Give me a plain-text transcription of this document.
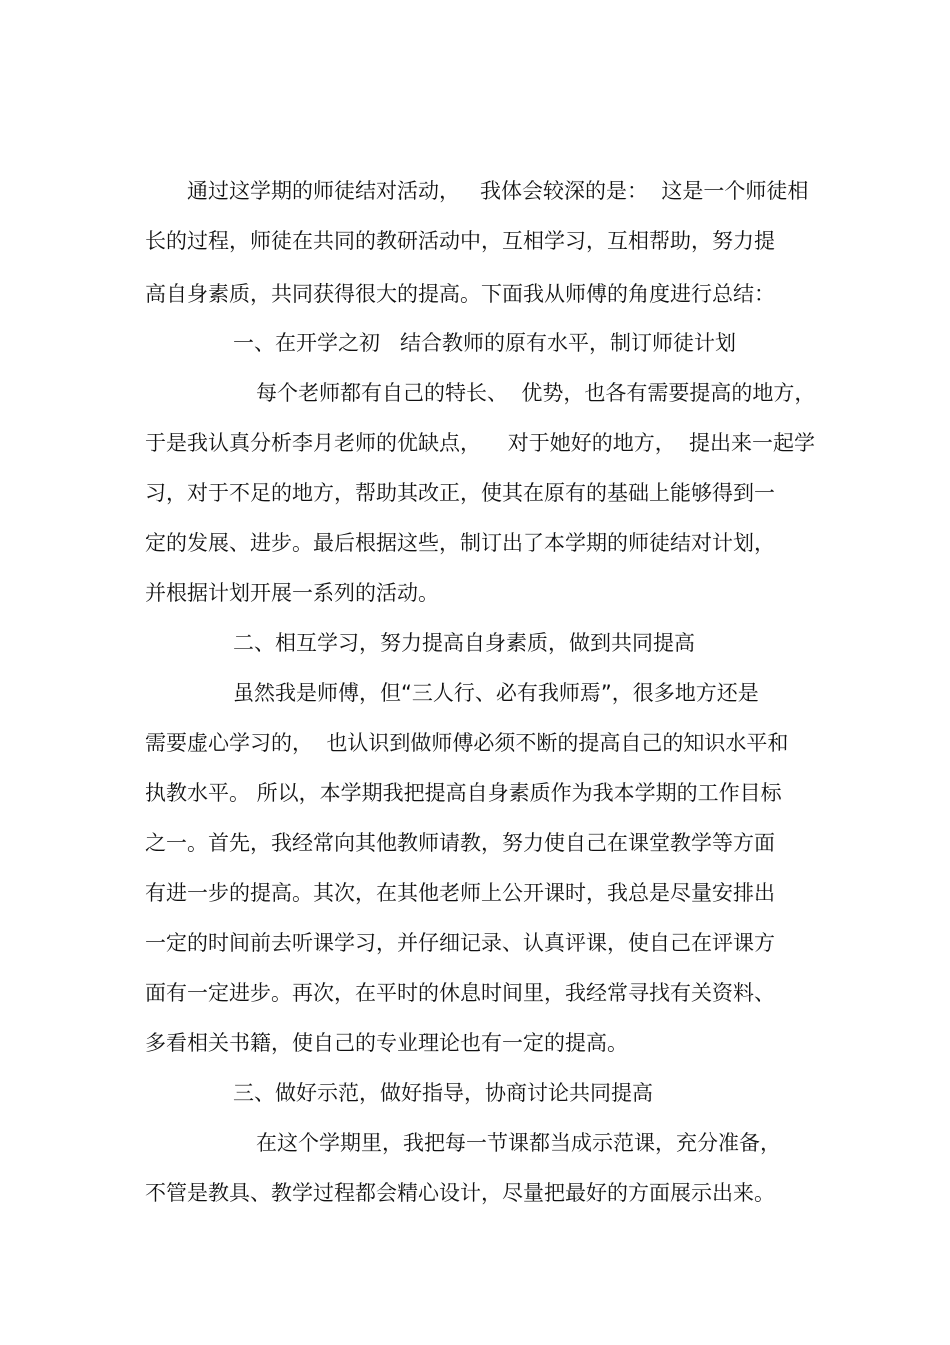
通过这学期的师徒结对活动，   我体会较深的是：  这是一个师徒相

长的过程，师徒在共同的教研活动中，互相学习，互相帮助，努力提

高自身素质，共同获得很大的提高。下面我从师傅的角度进行总结：

一、在开学之初   结合教师的原有水平，制订师徒计划

每个老师都有自己的特长、  优势，也各有需要提高的地方，

于是我认真分析李月老师的优缺点，    对于她好的地方，  提出来一起学

习，对于不足的地方，帮助其改正，使其在原有的基础上能够得到一

定的发展、进步。最后根据这些，制订出了本学期的师徒结对计划，

并根据计划开展一系列的活动。

二、相互学习，努力提高自身素质，做到共同提高

虽然我是师傅，但“三人行、必有我师焉”，很多地方还是

需要虚心学习的，  也认识到做师傅必须不断的提高自己的知识水平和

执教水平。 所以，本学期我把提高自身素质作为我本学期的工作目标

之一。首先，我经常向其他教师请教，努力使自己在课堂教学等方面

有进一步的提高。其次，在其他老师上公开课时，我总是尽量安排出

一定的时间前去听课学习，并仔细记录、认真评课，使自己在评课方

面有一定进步。再次，在平时的休息时间里，我经常寻找有关资料、

多看相关书籍，使自己的专业理论也有一定的提高。

三、做好示范，做好指导，协商讨论共同提高

在这个学期里，我把每一节课都当成示范课，充分准备，

不管是教具、教学过程都会精心设计，尽量把最好的方面展示出来。
